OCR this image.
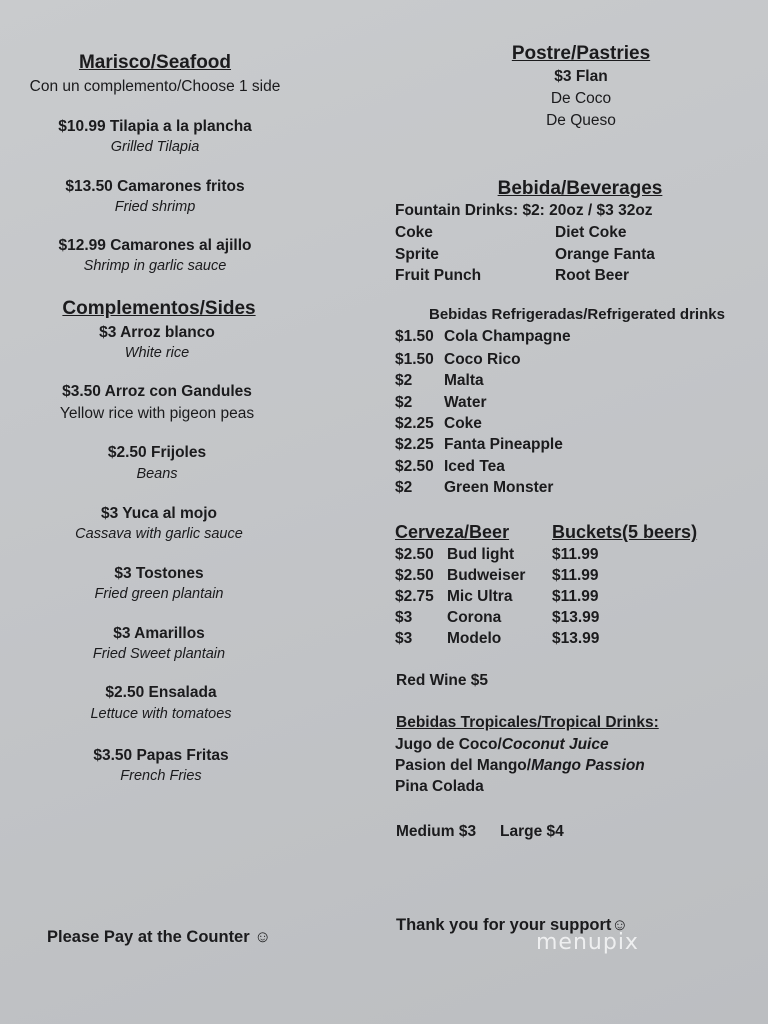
Marisco/Seafood
Con un complemento/Choose 1 side
$10.99 Tilapia a la plancha
Grilled Tilapia
$13.50 Camarones fritos
Fried shrimp
$12.99 Camarones al ajillo
Shrimp in garlic sauce
Complementos/Sides
$3 Arroz blanco
White rice
$3.50 Arroz con Gandules
Yellow rice with pigeon peas
$2.50 Frijoles
Beans
$3 Yuca al mojo
Cassava with garlic sauce
$3 Tostones
Fried green plantain
$3 Amarillos
Fried Sweet plantain
$2.50 Ensalada
Lettuce with tomatoes
$3.50 Papas Fritas
French Fries
Please Pay at the Counter ☺
Postre/Pastries
$3 Flan
De Coco
De Queso
Bebida/Beverages
Fountain Drinks: $2: 20oz / $3 32oz
Coke	Diet Coke
Sprite	Orange Fanta
Fruit Punch	Root Beer
Bebidas Refrigeradas/Refrigerated drinks
$1.50 Cola Champagne
$1.50 Coco Rico
$2 Malta
$2 Water
$2.25 Coke
$2.25 Fanta Pineapple
$2.50 Iced Tea
$2 Green Monster
Cerveza/Beer Buckets(5 beers)
$2.50 Bud light $11.99
$2.50 Budweiser $11.99
$2.75 Mic Ultra	$11.99
$3 Corona	$13.99
$3 Modelo	$13.99
Red Wine $5
Bebidas Tropicales/Tropical Drinks:
Jugo de Coco/Coconut Juice
Pasion del Mango/Mango Passion
Pina Colada
Medium $3 Large $4
Thank you for your support☺
menupix
